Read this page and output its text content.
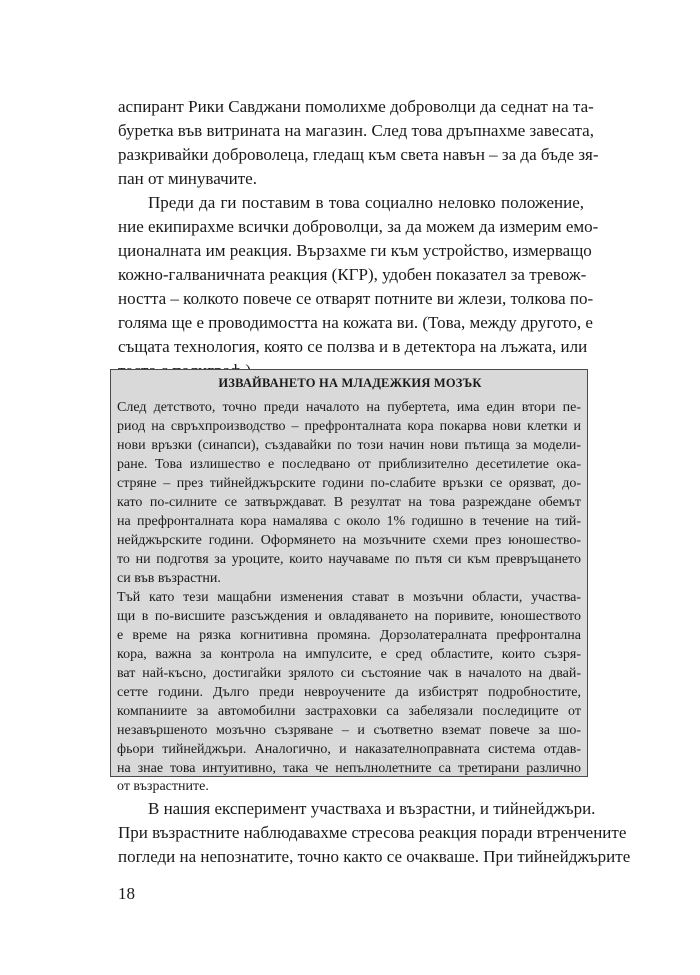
аспирант Рики Савджани помолихме доброволци да седнат на та-
буретка във витрината на магазин. След това дръпнахме завесата,
разкривайки доброволеца, гледащ към света навън – за да бъде зя-
пан от минувачите.
Преди да ги поставим в това социално неловко положение,
ние екипирахме всички доброволци, за да можем да измерим емо-
ционалната им реакция. Вързахме ги към устройство, измерващо
кожно-галваничната реакция (КГР), удобен показател за тревож-
ността – колкото повече се отварят потните ви жлези, толкова по-
голяма ще е проводимостта на кожата ви. (Това, между другото, е
същата технология, която се ползва и в детектора на лъжата, или
ИЗВАЙВАНЕТО НА МЛАДЕЖКИЯ МОЗЪК
След детството, точно преди началото на пубертета, има един втори пе-
риод на свръхпроизводство – префронталната кора покарва нови клетки и
нови връзки (синапси), създавайки по този начин нови пътища за модели-
ране. Това излишество е последвано от приблизително десетилетие ока-
стряне – през тийнейджърските години по-слабите връзки се орязват, до-
като по-силните се затвърждават. В резултат на това разреждане обемът
на префронталната кора намалява с около 1% годишно в течение на тий-
нейджърските години. Оформянето на мозъчните схеми през юношество-
то ни подготвя за уроците, които научаваме по пътя си към превръщането
си във възрастни.
Тъй като тези мащабни изменения стават в мозъчни области, участва-
щи в по-висшите разсъждения и овладяването на поривите, юношеството
е време на рязка когнитивна промяна. Дорзолатералната префронтална
кора, важна за контрола на импулсите, е сред областите, които съзря-
ват най-късно, достигайки зрялото си състояние чак в началото на двай-
сетте години. Дълго преди невроучените да избистрят подробностите,
компаниите за автомобилни застраховки са забелязали последиците от
незавършеното мозъчно съзряване – и съответно вземат повече за шо-
фьори тийнейджъри. Аналогично, и наказателноправната система отдав-
на знае това интуитивно, така че непълнолетните са третирани различно
от възрастните.
В нашия експеримент участваха и възрастни, и тийнейджъри.
При възрастните наблюдавахме стресова реакция поради втренчените
погледи на непознатите, точно както се очакваше. При тийнейджърите
18
